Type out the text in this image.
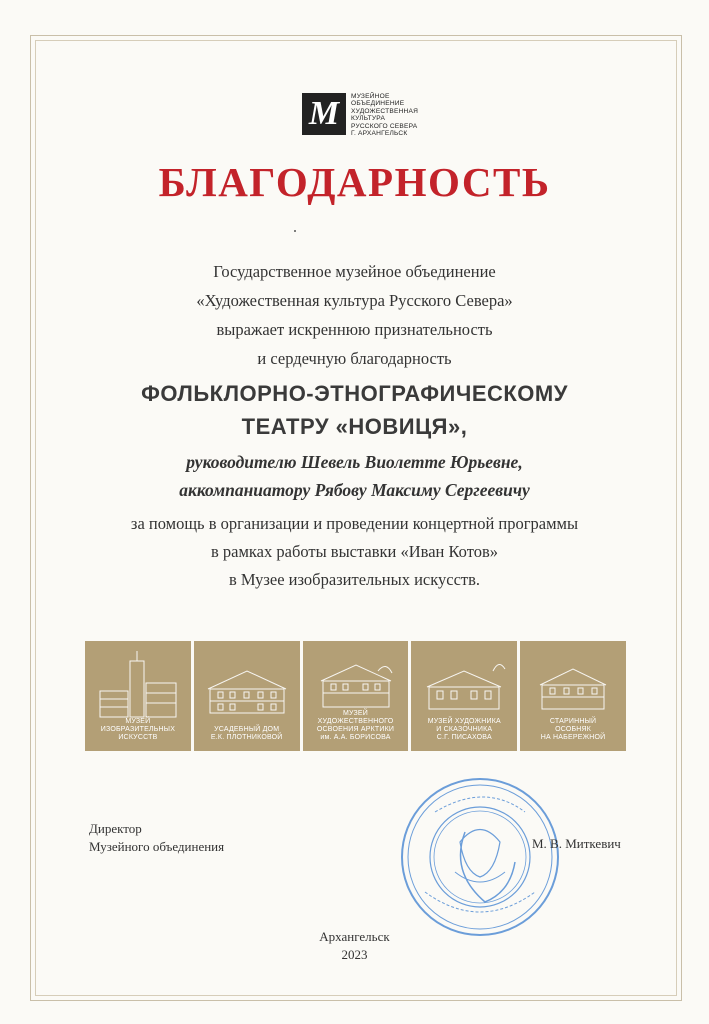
M	МУЗЕЙНОЕ
ОБЪЕДИНЕНИЕ
ХУДОЖЕСТВЕННАЯ
КУЛЬТУРА
РУССКОГО СЕВЕРА
Г. АРХАНГЕЛЬСК
БЛАГОДАРНОСТЬ
Государственное музейное объединение
«Художественная культура Русского Севера»
выражает искреннюю признательность
и сердечную благодарность
ФОЛЬКЛОРНО-ЭТНОГРАФИЧЕСКОМУ
ТЕАТРУ «НОВИЦЯ»,
руководителю Шевель Виолетте Юрьевне,
аккомпаниатору Рябову Максиму Сергеевичу
за помощь в организации и проведении концертной программы
в рамках работы выставки «Иван Котов»
в Музее изобразительных искусств.
МУЗЕЙ
ИЗОБРАЗИТЕЛЬНЫХ
ИСКУССТВ
УСАДЕБНЫЙ ДОМ
Е.К. ПЛОТНИКОВОЙ
МУЗЕЙ
ХУДОЖЕСТВЕННОГО
ОСВОЕНИЯ АРКТИКИ
им. А.А. БОРИСОВА
МУЗЕЙ ХУДОЖНИКА
И СКАЗОЧНИКА
С.Г. ПИСАХОВА
СТАРИННЫЙ
ОСОБНЯК
НА НАБЕРЕЖНОЙ
Директор
Музейного объединения	М. В. Миткевич
Архангельск
2023
